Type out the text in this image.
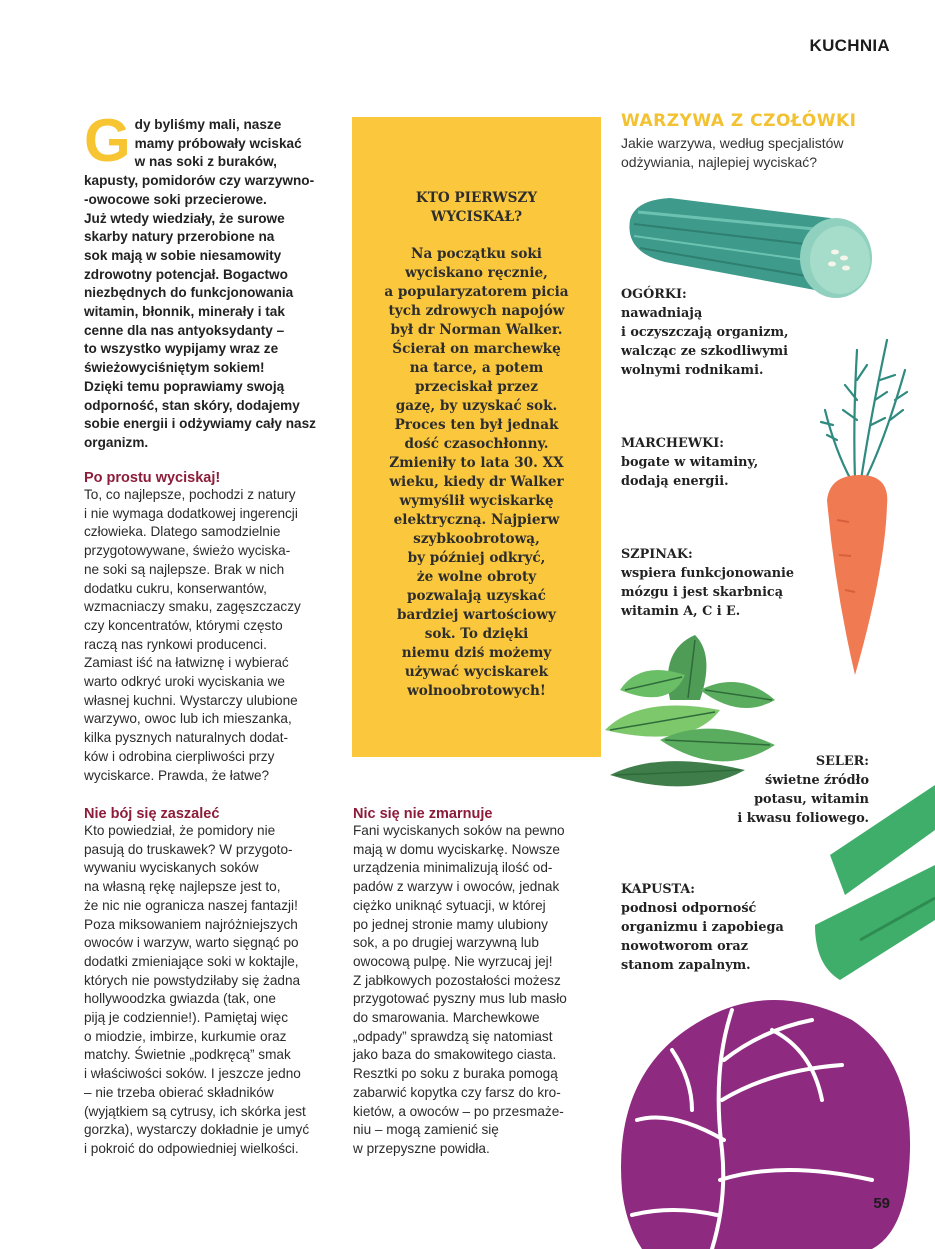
KUCHNIA
G dy byliśmy mali, nasze
mamy próbowały wciskać
w nas soki z buraków,
kapusty, pomidorów czy warzywno-
-owocowe soki przecierowe.
Już wtedy wiedziały, że surowe
skarby natury przerobione na
sok mają w sobie niesamowity
zdrowotny potencjał. Bogactwo
niezbędnych do funkcjonowania
witamin, błonnik, minerały i tak
cenne dla nas antyoksydanty –
to wszystko wypijamy wraz ze
świeżowyciśniętym sokiem!
Dzięki temu poprawiamy swoją
odporność, stan skóry, dodajemy
sobie energii i odżywiamy cały nasz
organizm.
Po prostu wyciskaj!
To, co najlepsze, pochodzi z natury
i nie wymaga dodatkowej ingerencji
człowieka. Dlatego samodzielnie
przygotowywane, świeżo wyciska-
ne soki są najlepsze. Brak w nich
dodatku cukru, konserwantów,
wzmacniaczy smaku, zagęszczaczy
czy koncentratów, którymi często
raczą nas rynkowi producenci.
Zamiast iść na łatwiznę i wybierać
warto odkryć uroki wyciskania we
własnej kuchni. Wystarczy ulubione
warzywo, owoc lub ich mieszanka,
kilka pysznych naturalnych dodat-
ków i odrobina cierpliwości przy
wyciskarce. Prawda, że łatwe?
Nie bój się zaszaleć
Kto powiedział, że pomidory nie
pasują do truskawek? W przygoto-
wywaniu wyciskanych soków
na własną rękę najlepsze jest to,
że nic nie ogranicza naszej fantazji!
Poza miksowaniem najróżniejszych
owoców i warzyw, warto sięgnąć po
dodatki zmieniające soki w koktajle,
których nie powstydziłaby się żadna
hollywoodzka gwiazda (tak, one
piją je codziennie!). Pamiętaj więc
o miodzie, imbirze, kurkumie oraz
matchy. Świetnie „podkręcą” smak
i właściwości soków. I jeszcze jedno
– nie trzeba obierać składników
(wyjątkiem są cytrusy, ich skórka jest
gorzka), wystarczy dokładnie je umyć
i pokroić do odpowiedniej wielkości.
Nic się nie zmarnuje
Fani wyciskanych soków na pewno
mają w domu wyciskarkę. Nowsze
urządzenia minimalizują ilość od-
padów z warzyw i owoców, jednak
ciężko uniknąć sytuacji, w której
po jednej stronie mamy ulubiony
sok, a po drugiej warzywną lub
owocową pulpę. Nie wyrzucaj jej!
Z jabłkowych pozostałości możesz
przygotować pyszny mus lub masło
do smarowania. Marchewkowe
„odpady” sprawdzą się natomiast
jako baza do smakowitego ciasta.
Resztki po soku z buraka pomogą
zabarwić kopytka czy farsz do kro-
kietów, a owoców – po przesmaże-
niu – mogą zamienić się
w przepyszne powidła.
KTO PIERWSZY
WYCISKAŁ?
Na początku soki
wyciskano ręcznie,
a popularyzatorem picia
tych zdrowych napojów
był dr Norman Walker.
Ścierał on marchewkę
na tarce, a potem
przeciskał przez
gazę, by uzyskać sok.
Proces ten był jednak
dość czasochłonny.
Zmieniły to lata 30. XX
wieku, kiedy dr Walker
wymyślił wyciskarkę
elektryczną. Najpierw
szybkoobrotową,
by później odkryć,
że wolne obroty
pozwalają uzyskać
bardziej wartościowy
sok. To dzięki
niemu dziś możemy
używać wyciskarek
wolnoobrotowych!
WARZYWA Z CZOŁÓWKI
Jakie warzywa, według specjalistów
odżywiania, najlepiej wyciskać?
OGÓRKI:
nawadniają
i oczyszczają organizm,
walcząc ze szkodliwymi
wolnymi rodnikami.
MARCHEWKI:
bogate w witaminy,
dodają energii.
SZPINAK:
wspiera funkcjonowanie
mózgu i jest skarbnicą
witamin A, C i E.
SELER:
świetne źródło
potasu, witamin
i kwasu foliowego.
KAPUSTA:
podnosi odporność
organizmu i zapobiega
nowotworom oraz
stanom zapalnym.
59
